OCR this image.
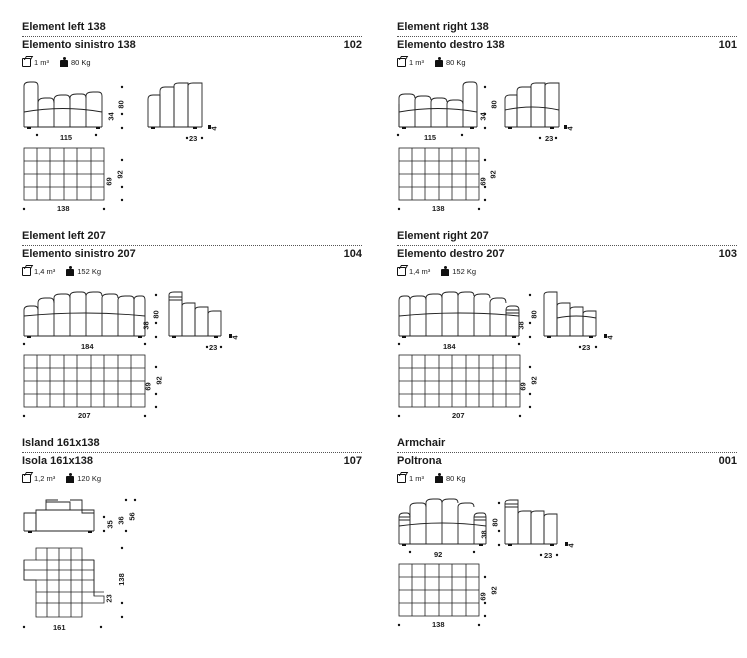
Element left 138
Elemento sinistro 138	102
1 m³	80 Kg
115
34
80
23
4
138
69
92
Element right 138
Elemento destro 138	101
1 m³	80 Kg
115
34
80
23
4
138
69
92
Element left 207
Elemento sinistro 207	104
1,4 m³	152 Kg
184
38
80
23
4
207
69
92
Element right 207
Elemento destro 207	103
1,4 m³	152 Kg
184
38
80
23
4
207
69
92
Island 161x138
Isola 161x138	107
1,2 m³	120 Kg
35 36 56
23
138
161
Armchair
Poltrona	001
1 m³	80 Kg
92
38
80
23
4
138
69
92
